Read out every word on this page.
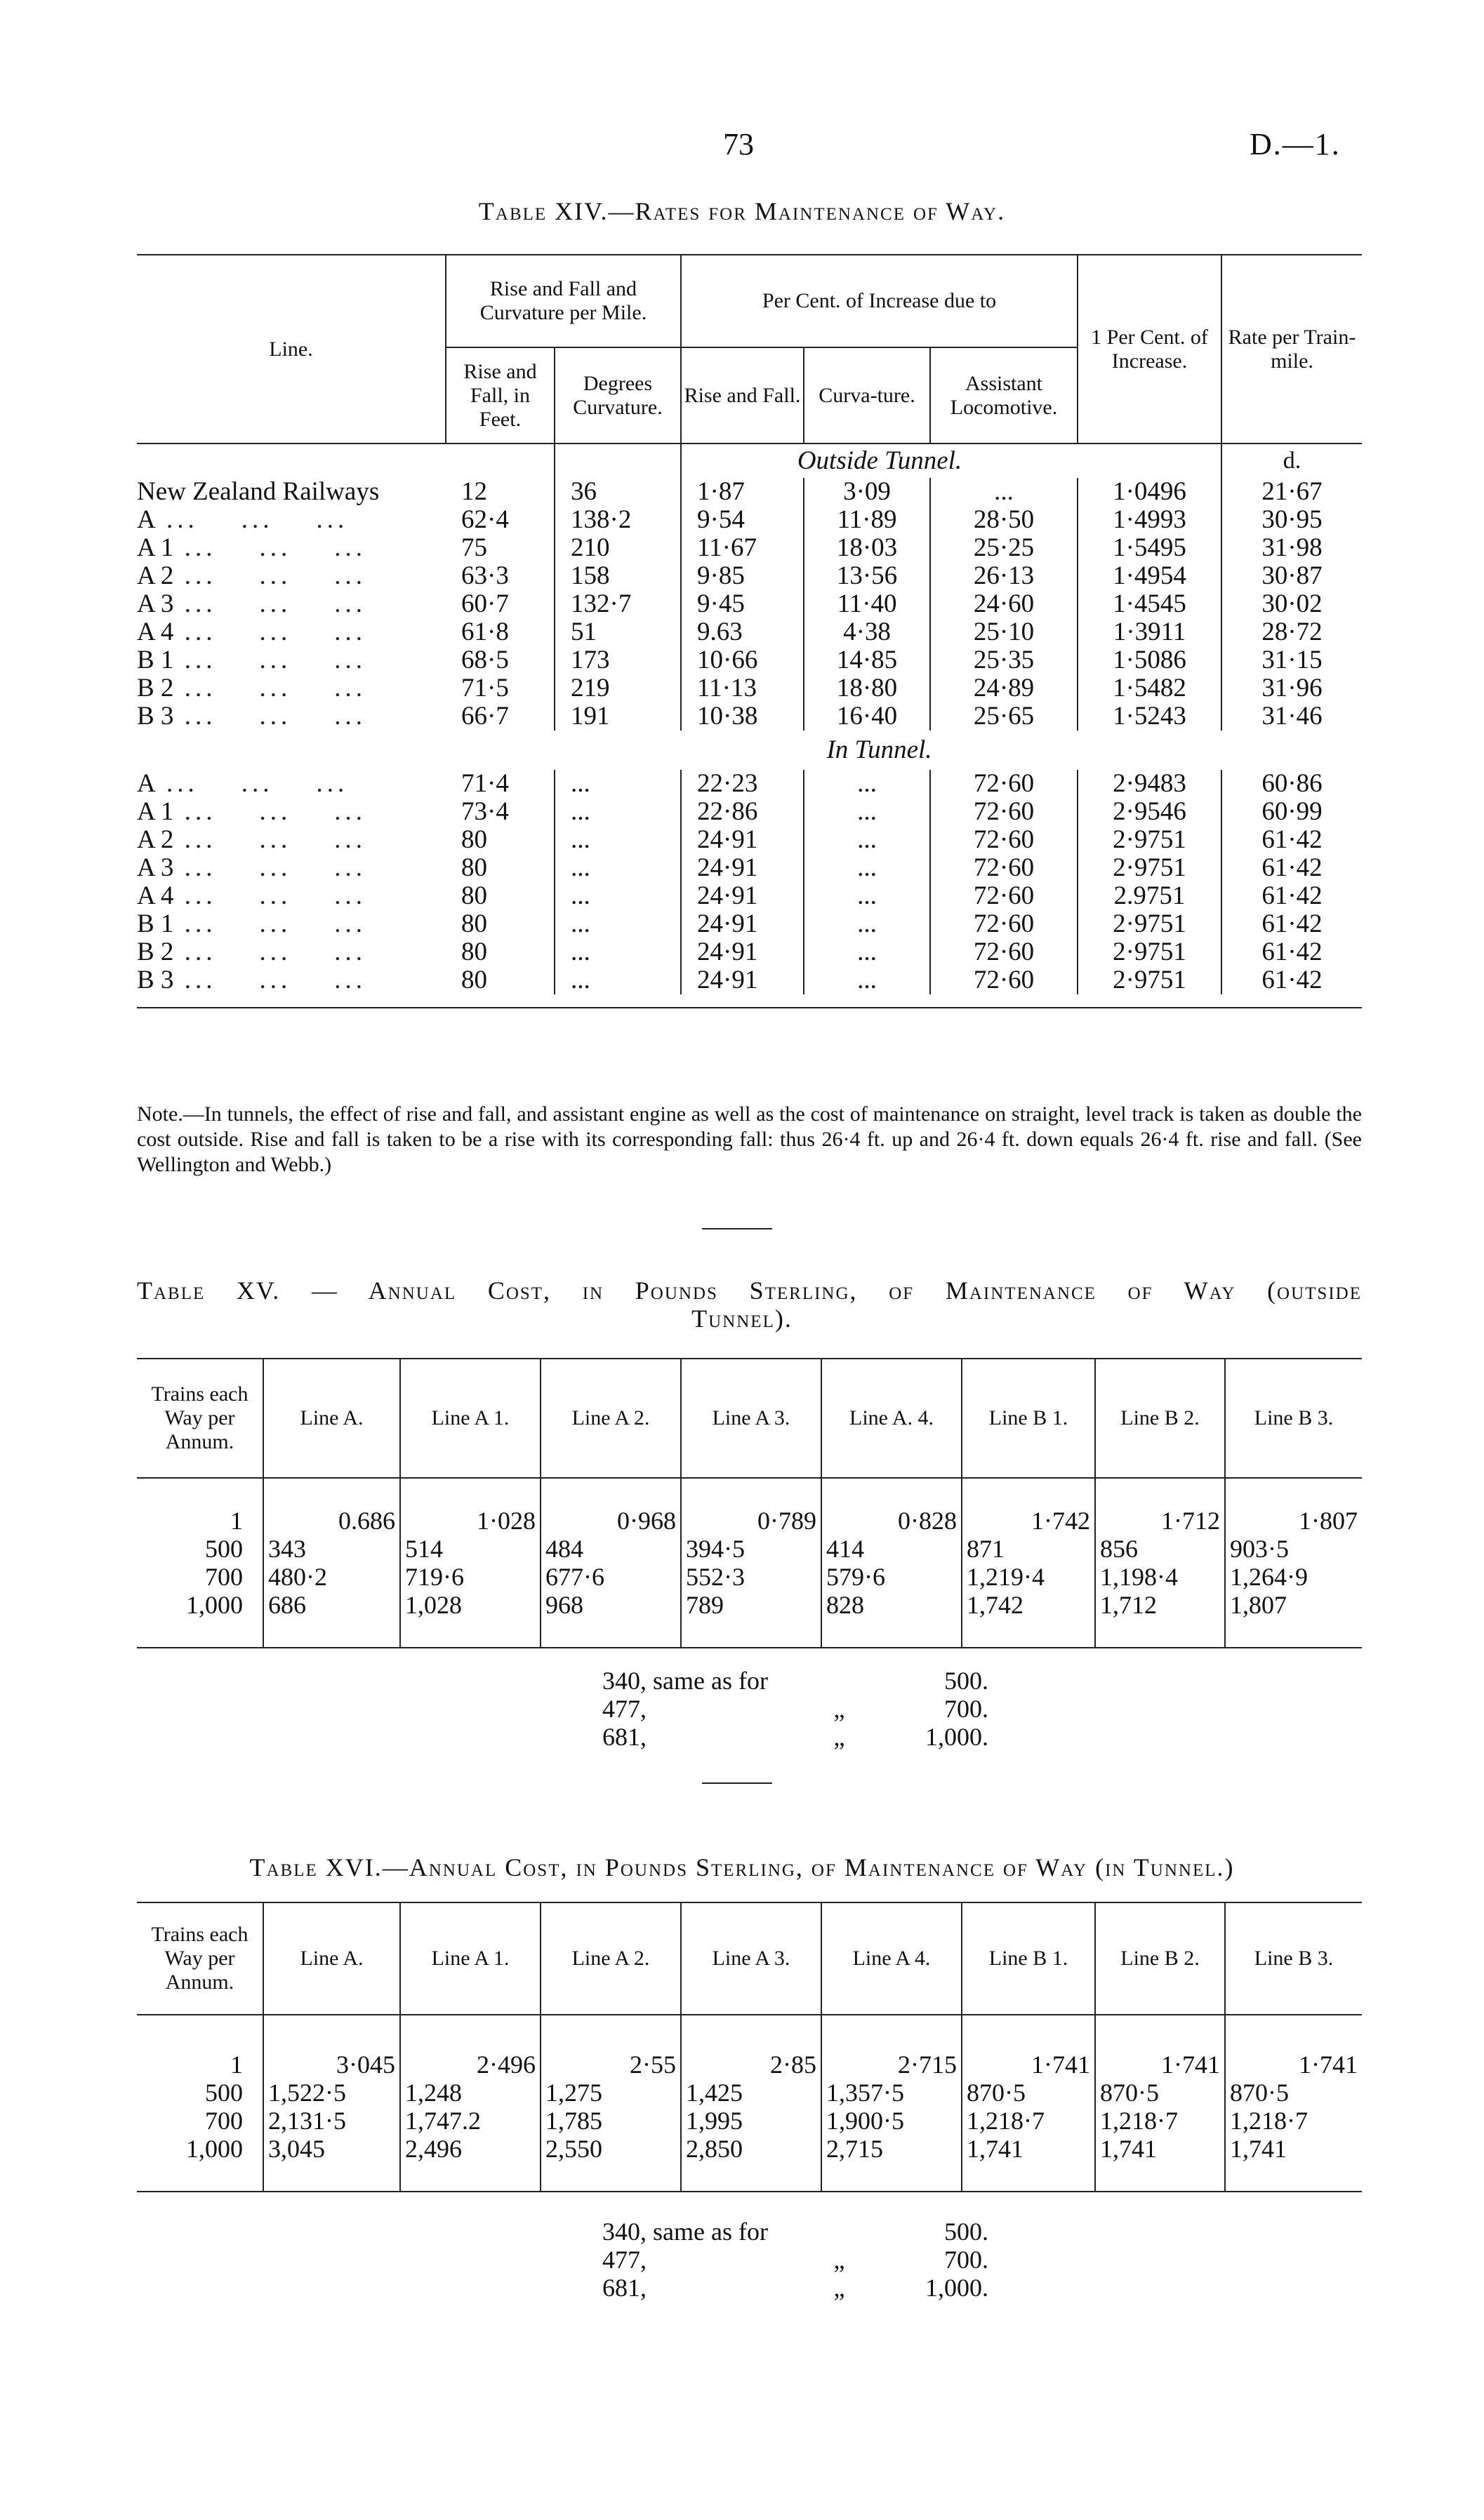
73	D.—1.
Table XIV.—Rates for Maintenance of Way.
Line.	Rise and Fall and Curvature per Mile.		Per Cent. of Increase due to			1 Per Cent. of Increase.	Rate per Train-mile.
	Rise and Fall, in Feet.	Degrees Curvature.	Rise and Fall.	Curva-ture.	Assistant Locomotive.		
			Outside Tunnel.				d.
New Zealand Railways	12	36	1·87	3·09	...	1·0496	21·67
A ...    ...    ...	62·4	138·2	9·54	11·89	28·50	1·4993	30·95
A 1 ...    ...    ...	75	210	11·67	18·03	25·25	1·5495	31·98
A 2 ...    ...    ...	63·3	158	9·85	13·56	26·13	1·4954	30·87
A 3 ...    ...    ...	60·7	132·7	9·45	11·40	24·60	1·4545	30·02
A 4 ...    ...    ...	61·8	51	9.63	4·38	25·10	1·3911	28·72
B 1 ...    ...    ...	68·5	173	10·66	14·85	25·35	1·5086	31·15
B 2 ...    ...    ...	71·5	219	11·13	18·80	24·89	1·5482	31·96
B 3 ...    ...    ...	66·7	191	10·38	16·40	25·65	1·5243	31·46
			In Tunnel.				
A ...    ...    ...	71·4	...	22·23	...	72·60	2·9483	60·86
A 1 ...    ...    ...	73·4	...	22·86	...	72·60	2·9546	60·99
A 2 ...    ...    ...	80	...	24·91	...	72·60	2·9751	61·42
A 3 ...    ...    ...	80	...	24·91	...	72·60	2·9751	61·42
A 4 ...    ...    ...	80	...	24·91	...	72·60	2.9751	61·42
B 1 ...    ...    ...	80	...	24·91	...	72·60	2·9751	61·42
B 2 ...    ...    ...	80	...	24·91	...	72·60	2·9751	61·42
B 3 ...    ...    ...	80	...	24·91	...	72·60	2·9751	61·42

Note.—In tunnels, the effect of rise and fall, and assistant engine as well as the cost of maintenance on straight, level track is taken as double the cost outside. Rise and fall is taken to be a rise with its corresponding fall: thus 26·4 ft. up and 26·4 ft. down equals 26·4 ft. rise and fall. (See Wellington and Webb.)
Table XV. — Annual Cost, in Pounds Sterling, of Maintenance of Way (outside
Tunnel).
Trains each Way per Annum.	Line A.	Line A 1.	Line A 2.	Line A 3.	Line A. 4.	Line B 1.	Line B 2.	Line B 3.

1	0.686	1·028	0·968	0·789	0·828	1·742	1·712	1·807
500	343	514	484	394·5	414	871	856	903·5
700	480·2	719·6	677·6	552·3	579·6	1,219·4	1,198·4	1,264·9
1,000	686	1,028	968	789	828	1,742	1,712	1,807

340, same as for	500.
477,	„	700.
681,	„	1,000.
Table XVI.—Annual Cost, in Pounds Sterling, of Maintenance of Way (in Tunnel.)
Trains each Way per Annum.	Line A.	Line A 1.	Line A 2.	Line A 3.	Line A 4.	Line B 1.	Line B 2.	Line B 3.

1	3·045	2·496	2·55	2·85	2·715	1·741	1·741	1·741
500	1,522·5	1,248	1,275	1,425	1,357·5	870·5	870·5	870·5
700	2,131·5	1,747.2	1,785	1,995	1,900·5	1,218·7	1,218·7	1,218·7
1,000	3,045	2,496	2,550	2,850	2,715	1,741	1,741	1,741

340, same as for	500.
477,	„	700.
681,	„	1,000.
